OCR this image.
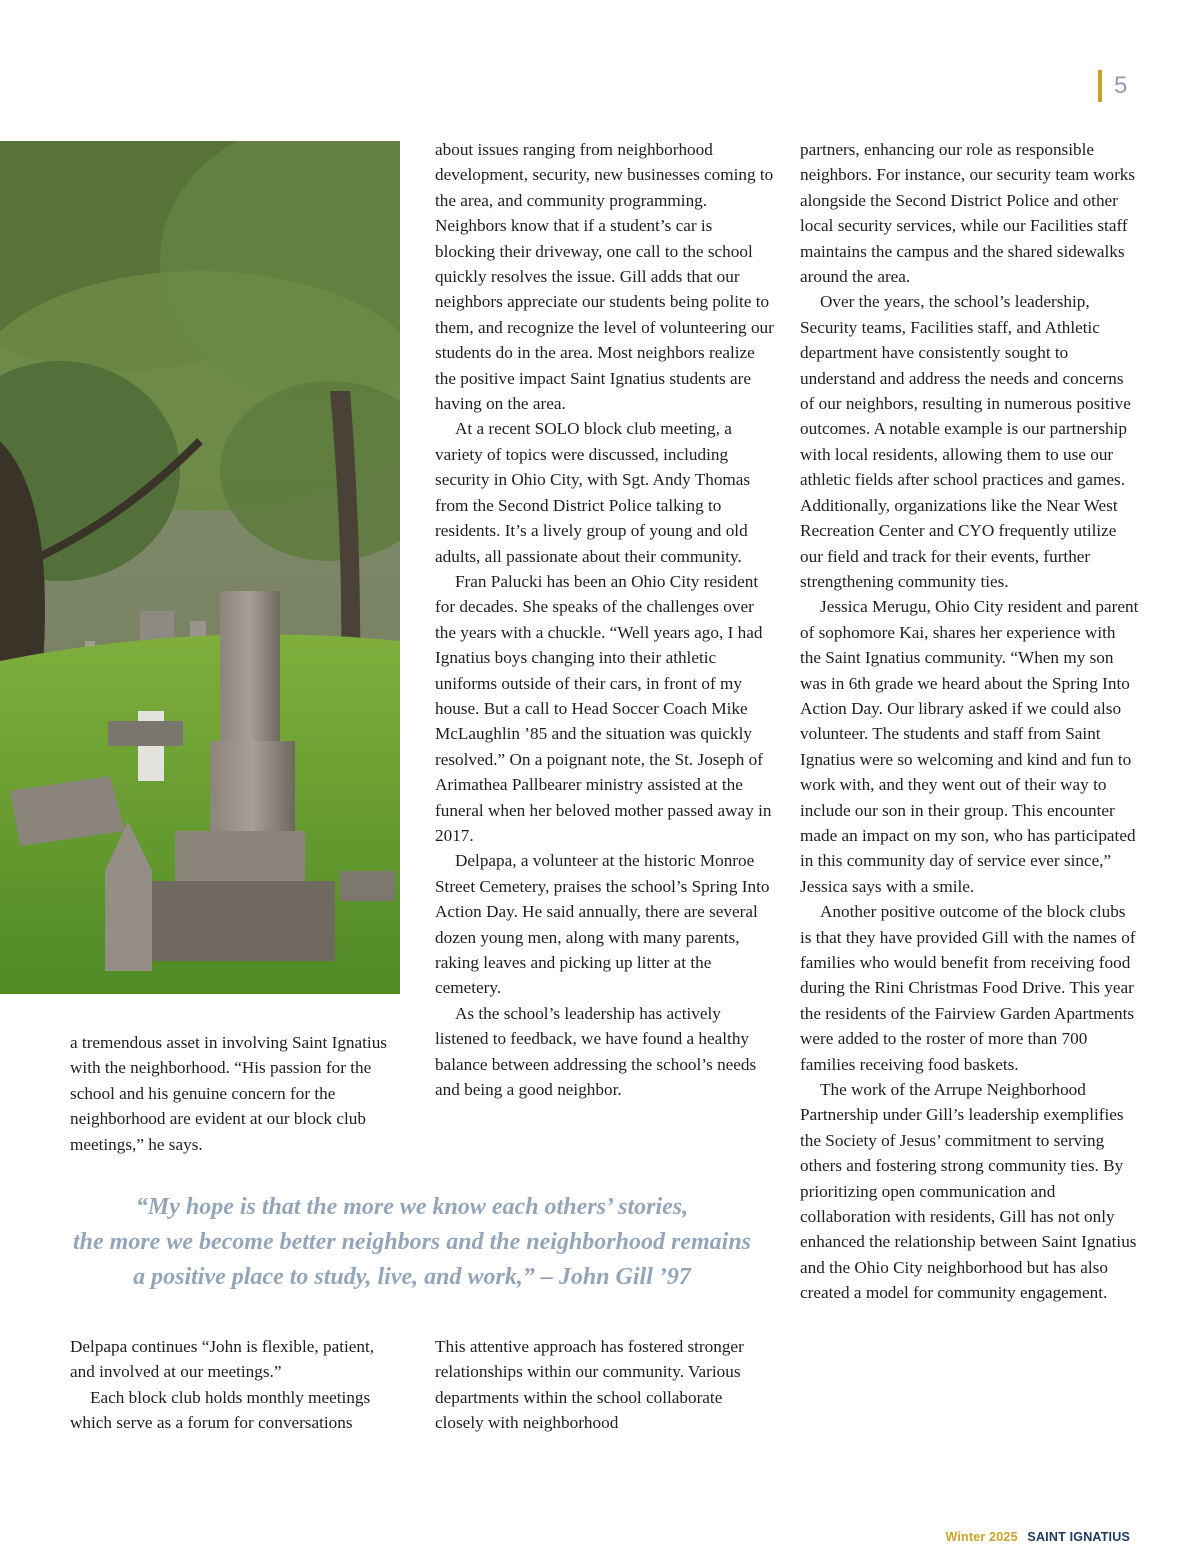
5

a tremendous asset in involving Saint Ignatius with the neighborhood. “His passion for the school and his genuine concern for the neighborhood are evident at our block club meetings,” he says.

about issues ranging from neighborhood development, security, new businesses coming to the area, and community programming. Neighbors know that if a student’s car is blocking their driveway, one call to the school quickly resolves the issue. Gill adds that our neighbors appreciate our students being polite to them, and recognize the level of volunteering our students do in the area. Most neighbors realize the positive impact Saint Ignatius students are having on the area.

At a recent SOLO block club meeting, a variety of topics were discussed, including security in Ohio City, with Sgt. Andy Thomas from the Second District Police talking to residents. It’s a lively group of young and old adults, all passionate about their community.

Fran Palucki has been an Ohio City resident for decades. She speaks of the challenges over the years with a chuckle. “Well years ago, I had Ignatius boys changing into their athletic uniforms outside of their cars, in front of my house. But a call to Head Soccer Coach Mike McLaughlin ’85 and the situation was quickly resolved.” On a poignant note, the St. Joseph of Arimathea Pallbearer ministry assisted at the funeral when her beloved mother passed away in 2017.

Delpapa, a volunteer at the historic Monroe Street Cemetery, praises the school’s Spring Into Action Day. He said annually, there are several dozen young men, along with many parents, raking leaves and picking up litter at the cemetery.

As the school’s leadership has actively listened to feedback, we have found a healthy balance between addressing the school’s needs and being a good neighbor.

partners, enhancing our role as responsible neighbors. For instance, our security team works alongside the Second District Police and other local security services, while our Facilities staff maintains the campus and the shared sidewalks around the area.

Over the years, the school’s leadership, Security teams, Facilities staff, and Athletic department have consistently sought to understand and address the needs and concerns of our neighbors, resulting in numerous positive outcomes. A notable example is our partnership with local residents, allowing them to use our athletic fields after school practices and games. Additionally, organizations like the Near West Recreation Center and CYO frequently utilize our field and track for their events, further strengthening community ties.

Jessica Merugu, Ohio City resident and parent of sophomore Kai, shares her experience with the Saint Ignatius community. “When my son was in 6th grade we heard about the Spring Into Action Day. Our library asked if we could also volunteer. The students and staff from Saint Ignatius were so welcoming and kind and fun to work with, and they went out of their way to include our son in their group. This encounter made an impact on my son, who has participated in this community day of service ever since,” Jessica says with a smile.

Another positive outcome of the block clubs is that they have provided Gill with the names of families who would benefit from receiving food during the Rini Christmas Food Drive. This year the residents of the Fairview Garden Apartments were added to the roster of more than 700 families receiving food baskets.

The work of the Arrupe Neighborhood Partnership under Gill’s leadership exemplifies the Society of Jesus’ commitment to serving others and fostering strong community ties. By prioritizing open communication and collaboration with residents, Gill has not only enhanced the relationship between Saint Ignatius and the Ohio City neighborhood but has also created a model for community engagement.

“My hope is that the more we know each others’ stories,
the more we become better neighbors and the neighborhood remains
a positive place to study, live, and work,” – John Gill ’97

Delpapa continues “John is flexible, patient, and involved at our meetings.”

Each block club holds monthly meetings which serve as a forum for conversations

This attentive approach has fostered stronger relationships within our community. Various departments within the school collaborate closely with neighborhood

Winter 2025 SAINT IGNATIUS
